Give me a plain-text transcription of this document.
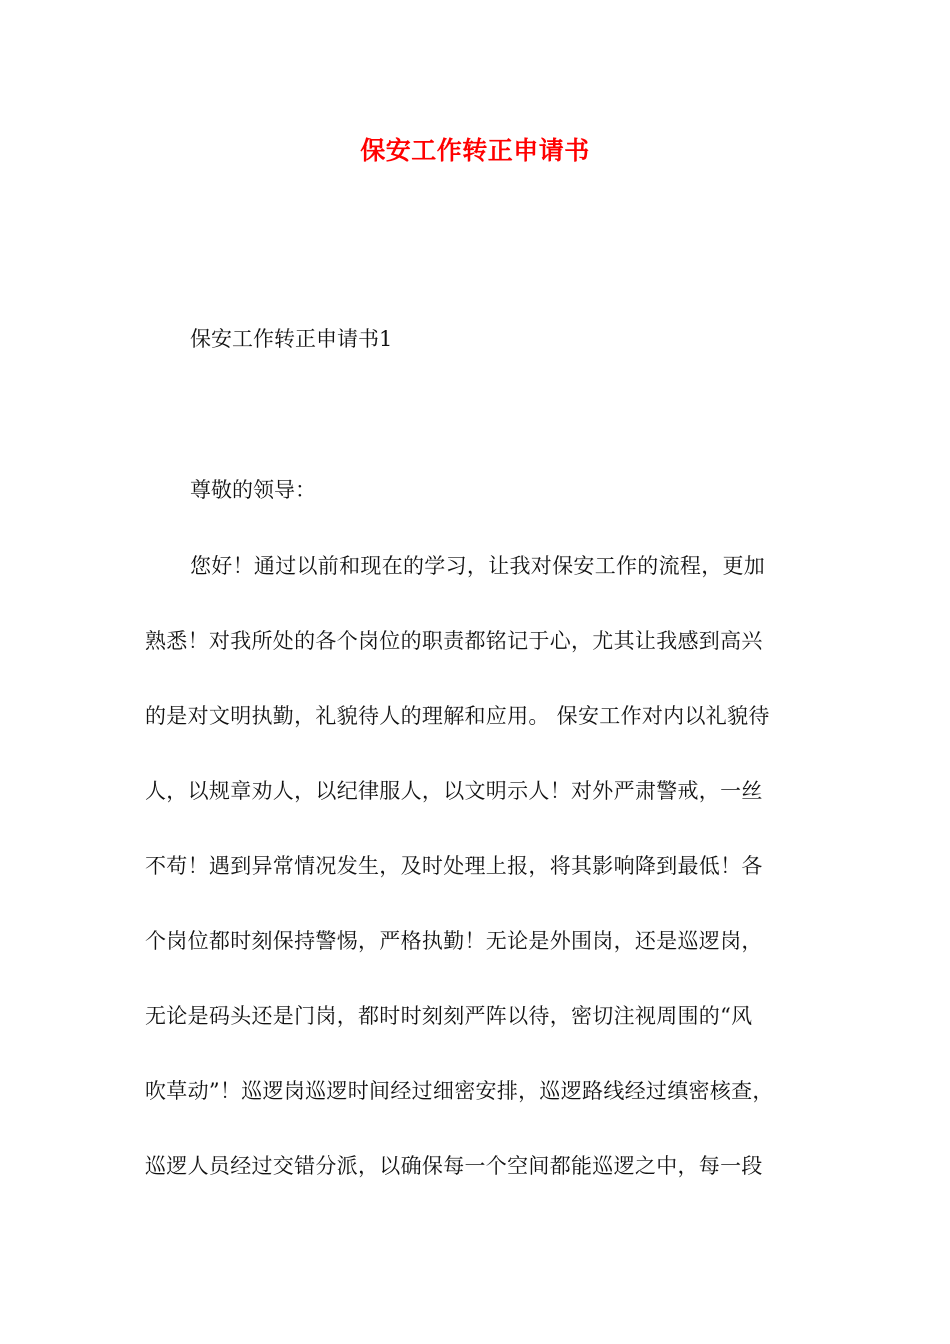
保安工作转正申请书
保安工作转正申请书1
尊敬的领导：
您好！通过以前和现在的学习，让我对保安工作的流程，更加
熟悉！对我所处的各个岗位的职责都铭记于心，尤其让我感到高兴
的是对文明执勤，礼貌待人的理解和应用。 保安工作对内以礼貌待
人，以规章劝人，以纪律服人，以文明示人！对外严肃警戒，一丝
不苟！遇到异常情况发生，及时处理上报，将其影响降到最低！各
个岗位都时刻保持警惕，严格执勤！无论是外围岗，还是巡逻岗，
无论是码头还是门岗，都时时刻刻严阵以待，密切注视周围的“风
吹草动”！巡逻岗巡逻时间经过细密安排，巡逻路线经过缜密核查，
巡逻人员经过交错分派，以确保每一个空间都能巡逻之中，每一段
